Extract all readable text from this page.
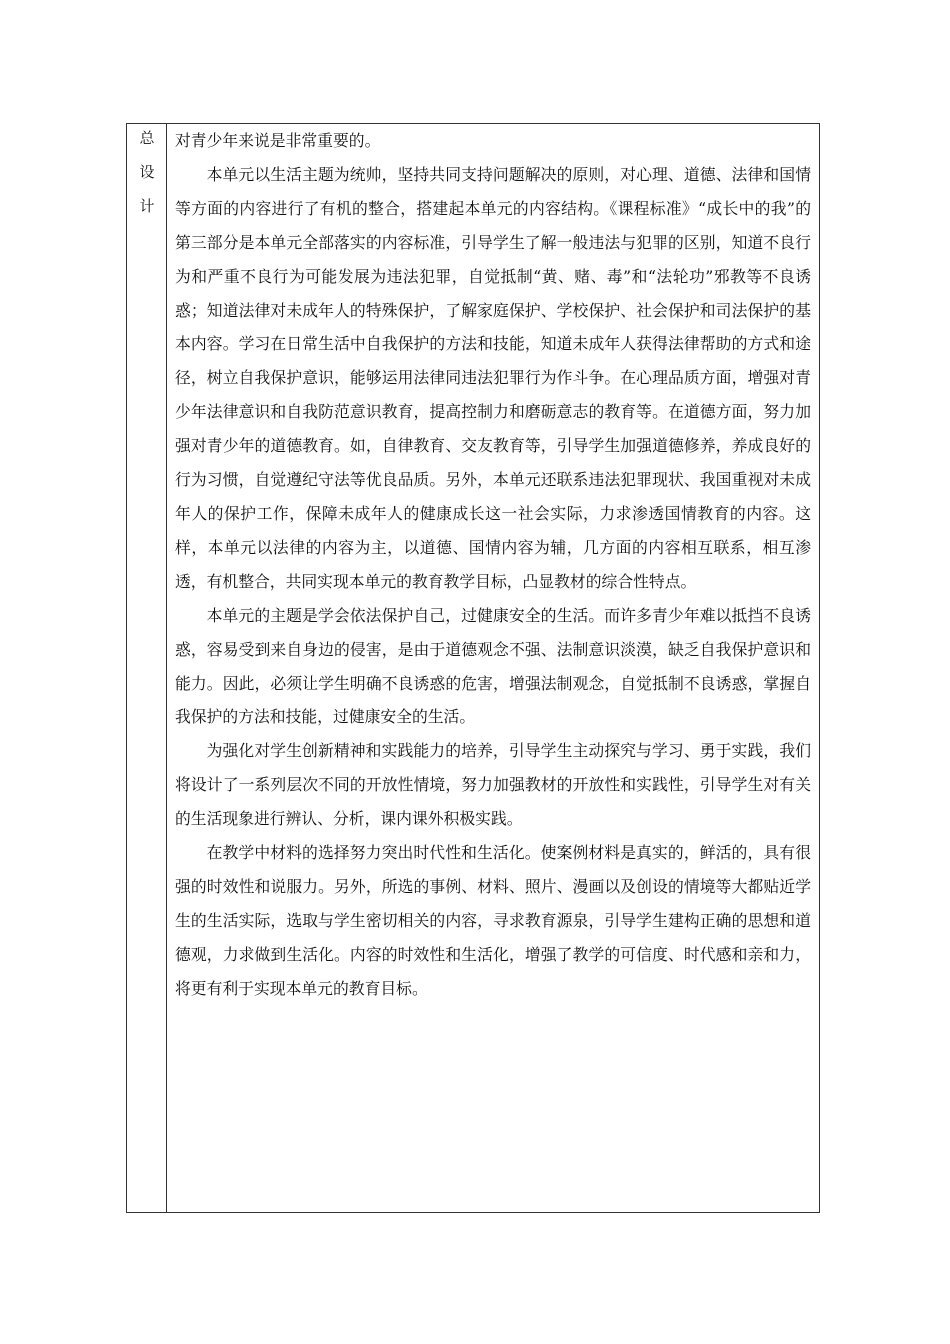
总
设
计

对青少年来说是非常重要的。

本单元以生活主题为统帅，坚持共同支持问题解决的原则，对心理、道德、法律和国情等方面的内容进行了有机的整合，搭建起本单元的内容结构。《课程标准》“成长中的我”的第三部分是本单元全部落实的内容标准，引导学生了解一般违法与犯罪的区别，知道不良行为和严重不良行为可能发展为违法犯罪，自觉抵制“黄、赌、毒”和“法轮功”邪教等不良诱惑；知道法律对未成年人的特殊保护，了解家庭保护、学校保护、社会保护和司法保护的基本内容。学习在日常生活中自我保护的方法和技能，知道未成年人获得法律帮助的方式和途径，树立自我保护意识，能够运用法律同违法犯罪行为作斗争。在心理品质方面，增强对青少年法律意识和自我防范意识教育，提高控制力和磨砺意志的教育等。在道德方面，努力加强对青少年的道德教育。如，自律教育、交友教育等，引导学生加强道德修养，养成良好的行为习惯，自觉遵纪守法等优良品质。另外，本单元还联系违法犯罪现状、我国重视对未成年人的保护工作，保障未成年人的健康成长这一社会实际，力求渗透国情教育的内容。这样，本单元以法律的内容为主，以道德、国情内容为辅，几方面的内容相互联系，相互渗透，有机整合，共同实现本单元的教育教学目标，凸显教材的综合性特点。

本单元的主题是学会依法保护自己，过健康安全的生活。而许多青少年难以抵挡不良诱惑，容易受到来自身边的侵害，是由于道德观念不强、法制意识淡漠，缺乏自我保护意识和能力。因此，必须让学生明确不良诱惑的危害，增强法制观念，自觉抵制不良诱惑，掌握自我保护的方法和技能，过健康安全的生活。

为强化对学生创新精神和实践能力的培养，引导学生主动探究与学习、勇于实践，我们将设计了一系列层次不同的开放性情境，努力加强教材的开放性和实践性，引导学生对有关的生活现象进行辨认、分析，课内课外积极实践。

在教学中材料的选择努力突出时代性和生活化。使案例材料是真实的，鲜活的，具有很强的时效性和说服力。另外，所选的事例、材料、照片、漫画以及创设的情境等大都贴近学生的生活实际，选取与学生密切相关的内容，寻求教育源泉，引导学生建构正确的思想和道德观，力求做到生活化。内容的时效性和生活化，增强了教学的可信度、时代感和亲和力，将更有利于实现本单元的教育目标。
